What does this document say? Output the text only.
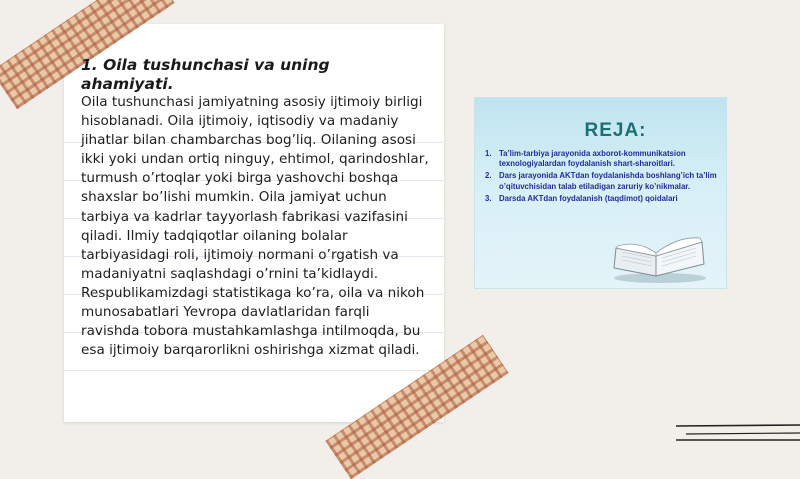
1. Oila tushunchasi va uning ahamiyati.

Oila tushunchasi jamiyatning asosiy ijtimoiy birligi hisoblanadi. Oila ijtimoiy, iqtisodiy va madaniy jihatlar bilan chambarchas bog’liq. Oilaning asosi ikki yoki undan ortiq ninguy, ehtimol, qarindoshlar, turmush o’rtoqlar yoki birga yashovchi boshqa shaxslar bo’lishi mumkin. Oila jamiyat uchun tarbiya va kadrlar tayyorlash fabrikasi vazifasini qiladi. Ilmiy tadqiqotlar oilaning bolalar tarbiyasidagi roli, ijtimoiy normani o’rgatish va madaniyatni saqlashdagi o’rnini ta’kidlaydi. Respublikamizdagi statistikaga ko’ra, oila va nikoh munosabatlari Yevropa davlatlaridan farqli ravishda tobora mustahkamlashga intilmoqda, bu esa ijtimoiy barqarorlikni oshirishga xizmat qiladi.

REJA:
1. Ta’lim-tarbiya jarayonida axborot-kommunikatsion texnologiyalardan foydalanish shart-sharoitlari.
2. Dars jarayonida AKTdan foydalanishda boshlang’ich ta’lim o’qituvchisidan talab etiladigan zaruriy ko’nikmalar.
3. Darsda AKTdan foydalanish (taqdimot) qoidalari
